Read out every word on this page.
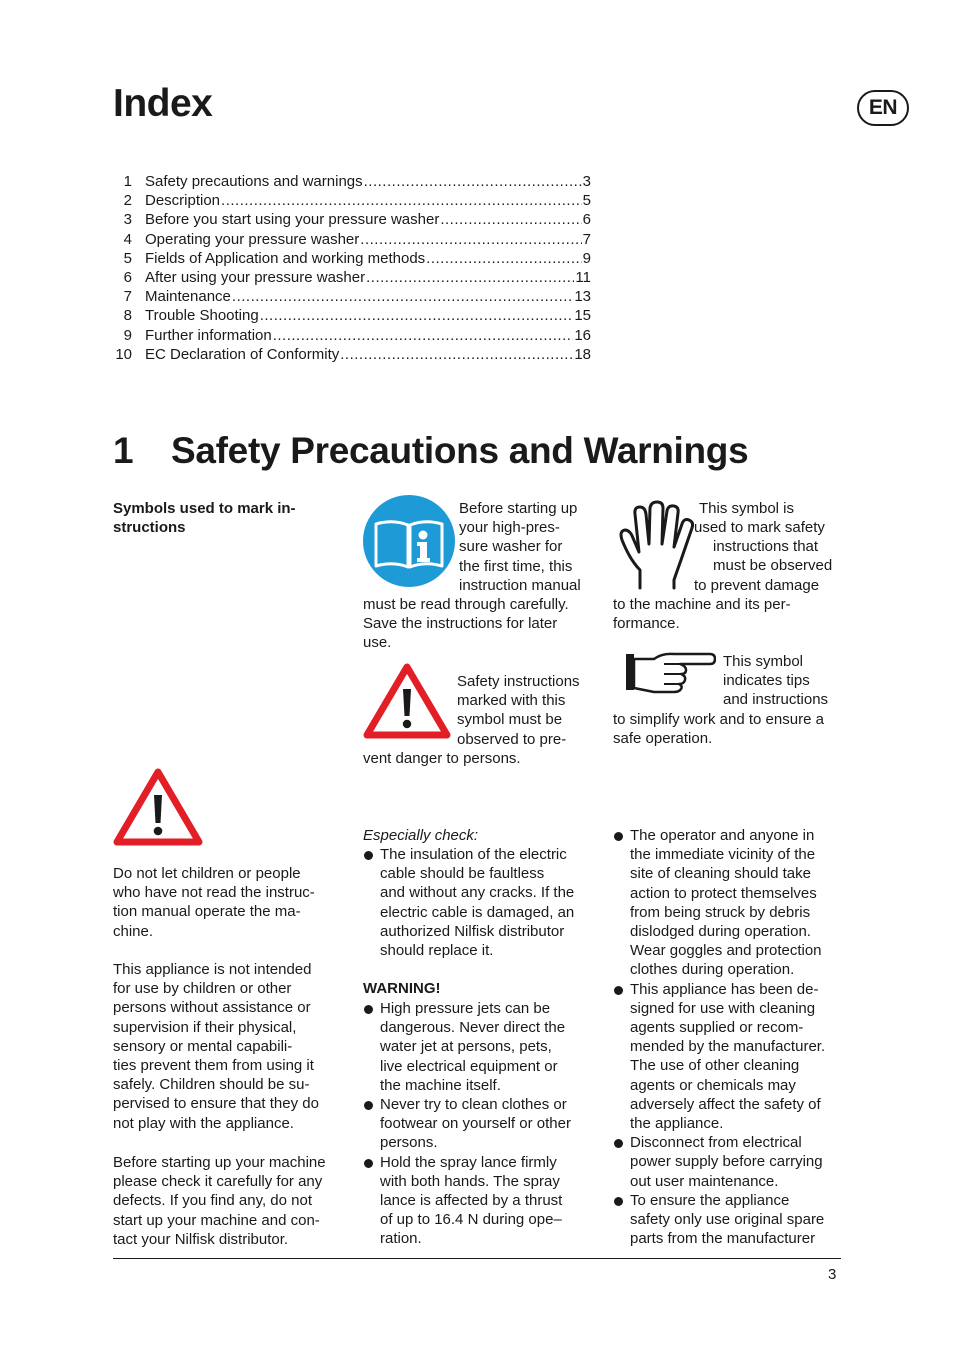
Index	EN
1 Safety precautions and warnings .....	3
2 Description .....	5
3 Before you start using your pressure washer .....	6
4 Operating your pressure washer .....	7
5 Fields of Application and working methods .....	9
6 After using your pressure washer .....	11
7 Maintenance .....	13
8 Trouble Shooting .....	15
9 Further information .....	16
10 EC Declaration of Conformity .....	18
1 Safety Precautions and Warnings
Symbols used to mark in-
structions
Before starting up
your high-pres-
sure washer for
the first time, this
instruction manual
must be read through carefully.
Save the instructions for later
use.
Safety instructions
marked with this
symbol must be
observed to pre-
vent danger to persons.
This symbol is
used to mark safety
instructions that
must be observed
to prevent damage
to the machine and its per-
formance.
This symbol
indicates tips
and instructions
to simplify work and to ensure a
safe operation.
Do not let children or people
who have not read the instruc-
tion manual operate the ma-
chine.
This appliance is not intended
for use by children or other
persons without assistance or
supervision if their physical,
sensory or mental capabili-
ties prevent them from using it
safely. Children should be su-
pervised to ensure that they do
not play with the appliance.
Before starting up your machine
please check it carefully for any
defects. If you find any, do not
start up your machine and con-
tact your Nilfisk distributor.
Especially check:
The insulation of the electric
cable should be faultless
and without any cracks. If the
electric cable is damaged, an
authorized Nilfisk distributor
should replace it.
WARNING!
High pressure jets can be
dangerous. Never direct the
water jet at persons, pets,
live electrical equipment or
the machine itself.
Never try to clean clothes or
footwear on yourself or other
persons.
Hold the spray lance firmly
with both hands. The spray
lance is affected by a thrust
of up to 16.4 N during ope–
ration.
The operator and anyone in
the immediate vicinity of the
site of cleaning should take
action to protect themselves
from being struck by debris
dislodged during operation.
Wear goggles and protection
clothes during operation.
This appliance has been de-
signed for use with cleaning
agents supplied or recom-
mended by the manufacturer.
The use of other cleaning
agents or chemicals may
adversely affect the safety of
the appliance.
Disconnect from electrical
power supply before carrying
out user maintenance.
To ensure the appliance
safety only use original spare
parts from the manufacturer
3
